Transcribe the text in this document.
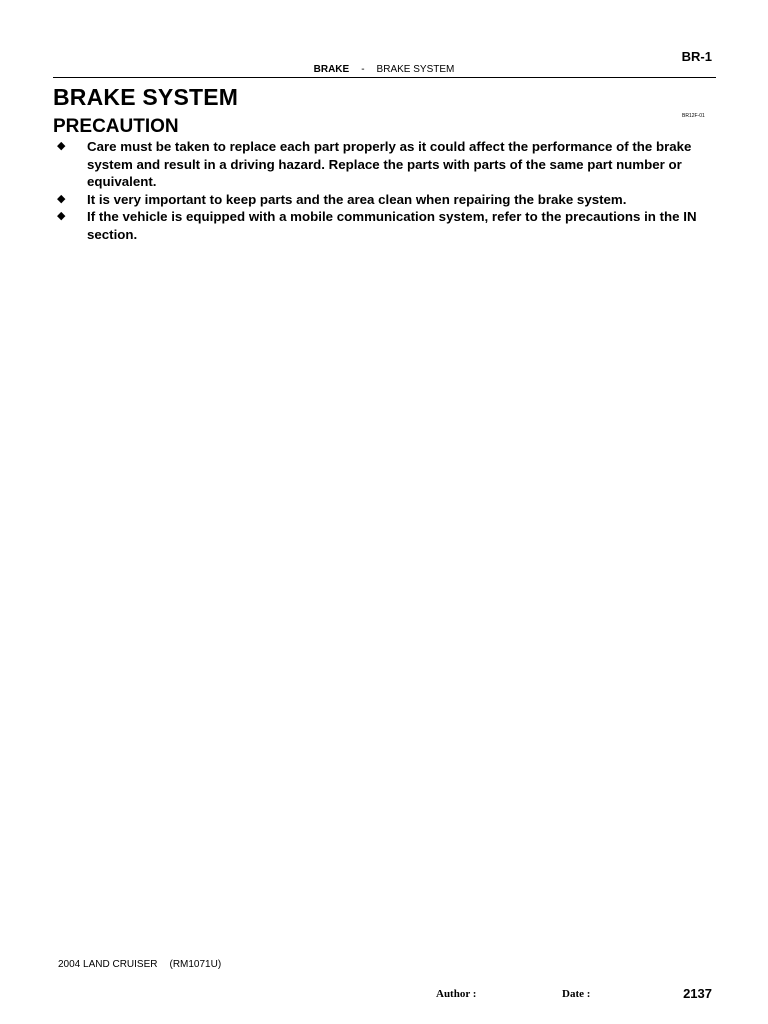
BR-1
BRAKE - BRAKE SYSTEM
BRAKE SYSTEM
PRECAUTION	BR12F-01
◆	Care must be taken to replace each part properly as it could affect the performance of the brake system and result in a driving hazard. Replace the parts with parts of the same part number or equivalent.
◆	It is very important to keep parts and the area clean when repairing the brake system.
◆	If the vehicle is equipped with a mobile communication system, refer to the precautions in the IN section.
2004 LAND CRUISER (RM1071U)
Author :	Date :	2137
